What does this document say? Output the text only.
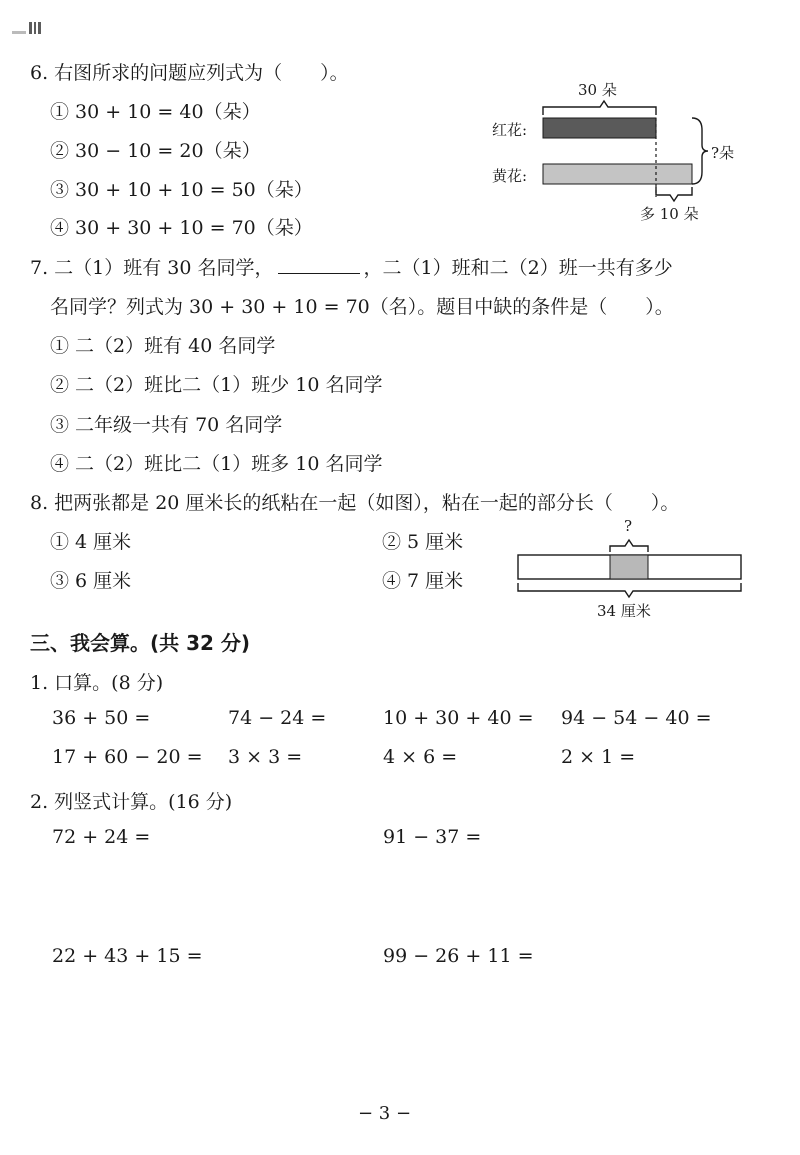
6. 右图所求的问题应列式为（　　）。
① 30 + 10 = 40（朵）
② 30 − 10 = 20（朵）
③ 30 + 10 + 10 = 50（朵）
④ 30 + 30 + 10 = 70（朵）
30 朵
红花:
黄花:
?朵
多 10 朵
7. 二（1）班有 30 名同学，	，二（1）班和二（2）班一共有多少
名同学？列式为 30 + 30 + 10 = 70（名）。题目中缺的条件是（　　）。
① 二（2）班有 40 名同学
② 二（2）班比二（1）班少 10 名同学
③ 二年级一共有 70 名同学
④ 二（2）班比二（1）班多 10 名同学
8. 把两张都是 20 厘米长的纸粘在一起（如图），粘在一起的部分长（　　）。
① 4 厘米	② 5 厘米
③ 6 厘米	④ 7 厘米
?
34 厘米
三、我会算。(共 32 分)
1. 口算。(8 分)
36 + 50 =	74 − 24 =	10 + 30 + 40 = 94 − 54 − 40 =
17 + 60 − 20 = 3 × 3 =	4 × 6 =	2 × 1 =
2. 列竖式计算。(16 分)
72 + 24 =	91 − 37 =
22 + 43 + 15 =	99 − 26 + 11 =
− 3 −
